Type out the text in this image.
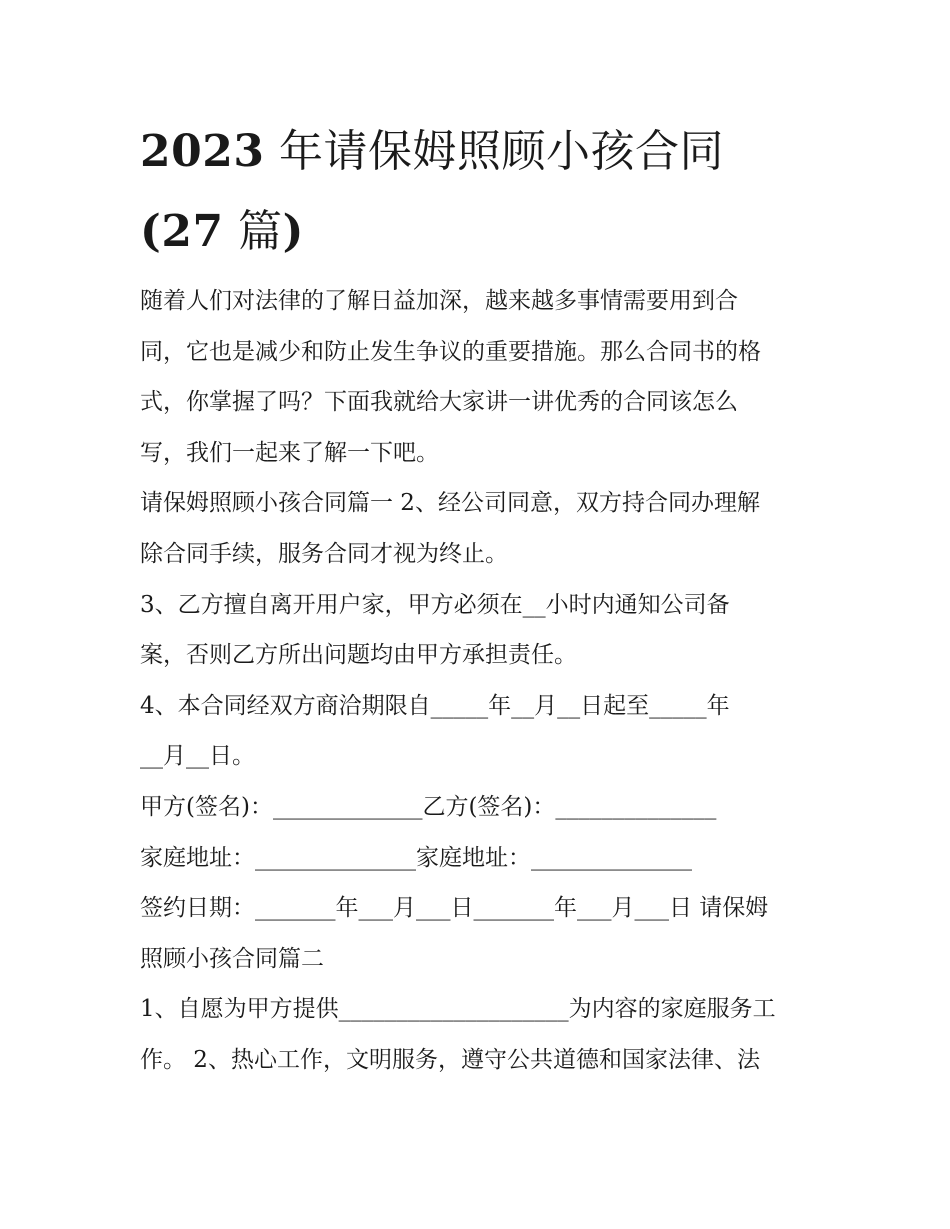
2023 年请保姆照顾小孩合同
(27 篇)
随着人们对法律的了解日益加深，越来越多事情需要用到合
同，它也是减少和防止发生争议的重要措施。那么合同书的格
式，你掌握了吗？下面我就给大家讲一讲优秀的合同该怎么
写，我们一起来了解一下吧。
请保姆照顾小孩合同篇一 2、经公司同意，双方持合同办理解
除合同手续，服务合同才视为终止。
3、乙方擅自离开用户家，甲方必须在__小时内通知公司备
案，否则乙方所出问题均由甲方承担责任。
4、本合同经双方商洽期限自_____年__月__日起至_____年
__月__日。
甲方(签名)：_____________乙方(签名)：______________
家庭地址：______________家庭地址：______________
签约日期：_______年___月___日_______年___月___日 请保姆
照顾小孩合同篇二
1、自愿为甲方提供____________________为内容的家庭服务工
作。 2、热心工作，文明服务，遵守公共道德和国家法律、法
